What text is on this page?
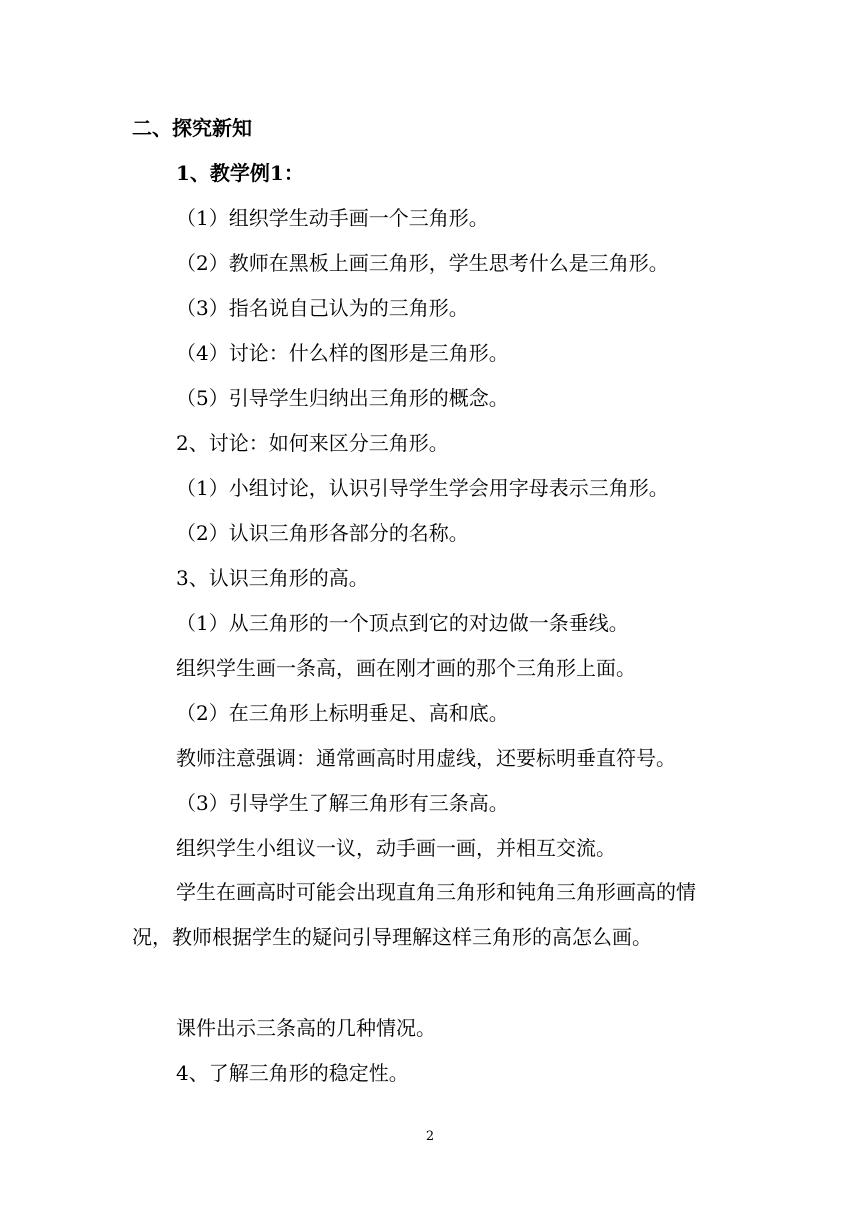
二、探究新知
1、教学例1：
（1）组织学生动手画一个三角形。
（2）教师在黑板上画三角形，学生思考什么是三角形。
（3）指名说自己认为的三角形。
（4）讨论：什么样的图形是三角形。
（5）引导学生归纳出三角形的概念。
2、讨论：如何来区分三角形。
（1）小组讨论，认识引导学生学会用字母表示三角形。
（2）认识三角形各部分的名称。
3、认识三角形的高。
（1）从三角形的一个顶点到它的对边做一条垂线。
组织学生画一条高，画在刚才画的那个三角形上面。
（2）在三角形上标明垂足、高和底。
教师注意强调：通常画高时用虚线，还要标明垂直符号。
（3）引导学生了解三角形有三条高。
组织学生小组议一议，动手画一画，并相互交流。
学生在画高时可能会出现直角三角形和钝角三角形画高的情况，教师根据学生的疑问引导理解这样三角形的高怎么画。
课件出示三条高的几种情况。
4、了解三角形的稳定性。
2
